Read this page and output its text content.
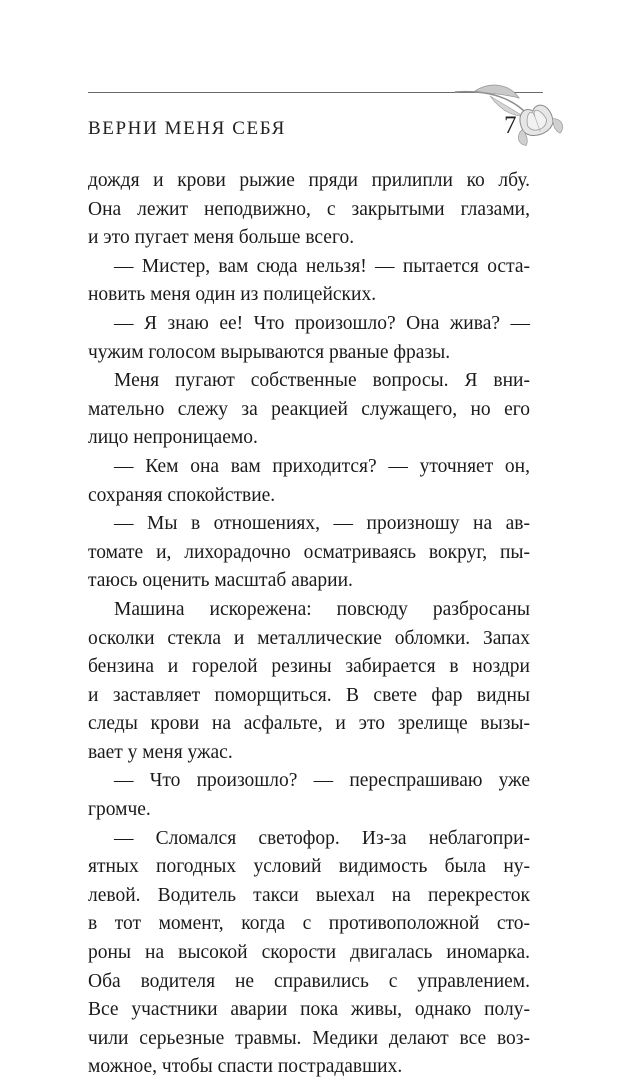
ВЕРНИ МЕНЯ СЕБЯ	7
дождя и крови рыжие пряди прилипли ко лбу.
Она лежит неподвижно, с закрытыми глазами,
и это пугает меня больше всего.
— Мистер, вам сюда нельзя! — пытается оста-
новить меня один из полицейских.
— Я знаю ее! Что произошло? Она жива? —
чужим голосом вырываются рваные фразы.
Меня пугают собственные вопросы. Я вни-
мательно слежу за реакцией служащего, но его
лицо непроницаемо.
— Кем она вам приходится? — уточняет он,
сохраняя спокойствие.
— Мы в отношениях, — произношу на ав-
томате и, лихорадочно осматриваясь вокруг, пы-
таюсь оценить масштаб аварии.
Машина искорежена: повсюду разбросаны
осколки стекла и металлические обломки. Запах
бензина и горелой резины забирается в ноздри
и заставляет поморщиться. В свете фар видны
следы крови на асфальте, и это зрелище вызы-
вает у меня ужас.
— Что произошло? — переспрашиваю уже
громче.
— Сломался светофор. Из-за неблагопри-
ятных погодных условий видимость была ну-
левой. Водитель такси выехал на перекресток
в тот момент, когда с противоположной сто-
роны на высокой скорости двигалась иномарка.
Оба водителя не справились с управлением.
Все участники аварии пока живы, однако полу-
чили серьезные травмы. Медики делают все воз-
можное, чтобы спасти пострадавших.
